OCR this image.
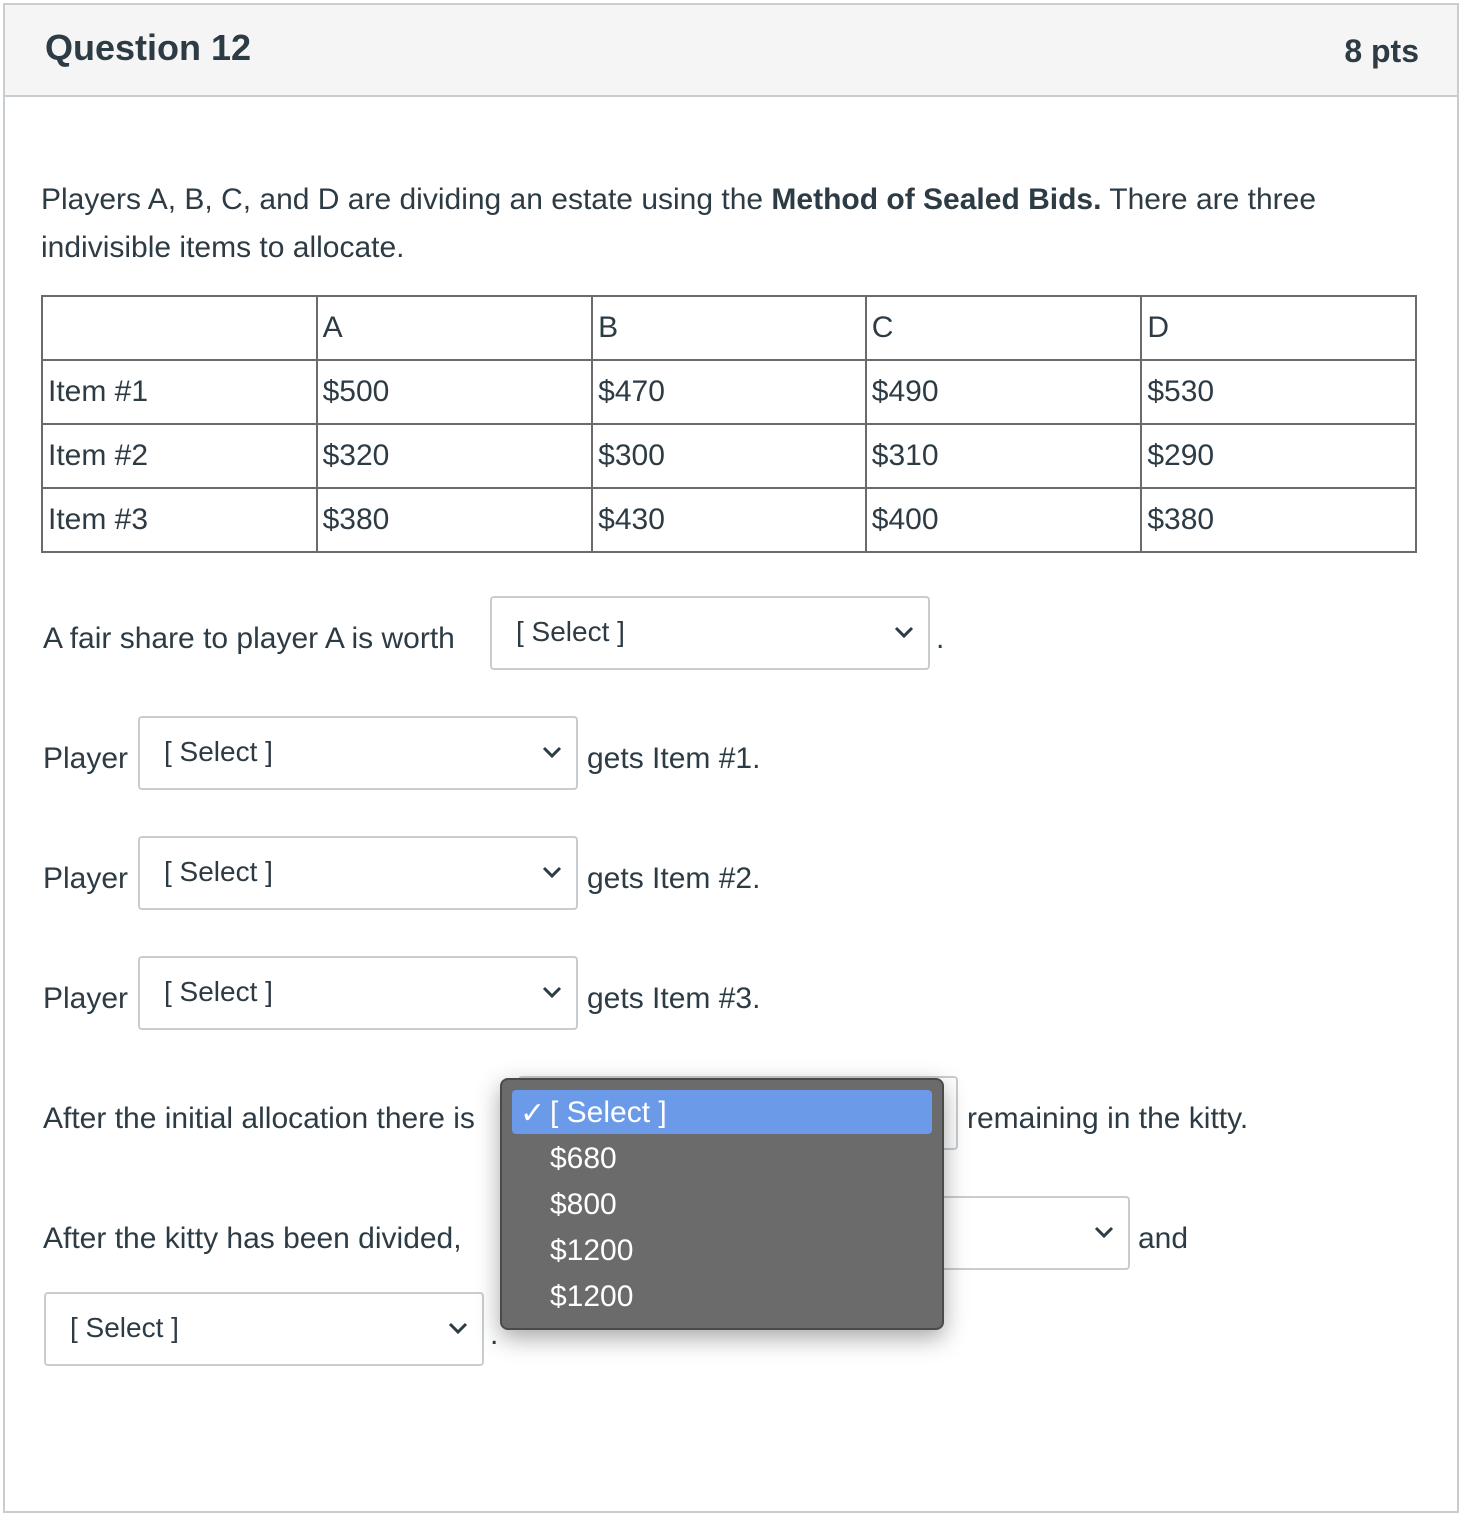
Question 12	8 pts
Players A, B, C, and D are dividing an estate using the Method of Sealed Bids. There are three indivisible items to allocate.
	A	B	C	D
Item #1	$500	$470	$490	$530
Item #2	$320	$300	$310	$290
Item #3	$380	$430	$400	$380
A fair share to player A is worth [ Select ]	.
Player [ Select ]	gets Item #1.
Player [ Select ]	gets Item #2.
Player [ Select ]	gets Item #3.
After the initial allocation there is	remaining in the kitty.
After the kitty has been divided,	and
[ Select ]	.
✓ [ Select ]
$680
$800
$1200
$1200
